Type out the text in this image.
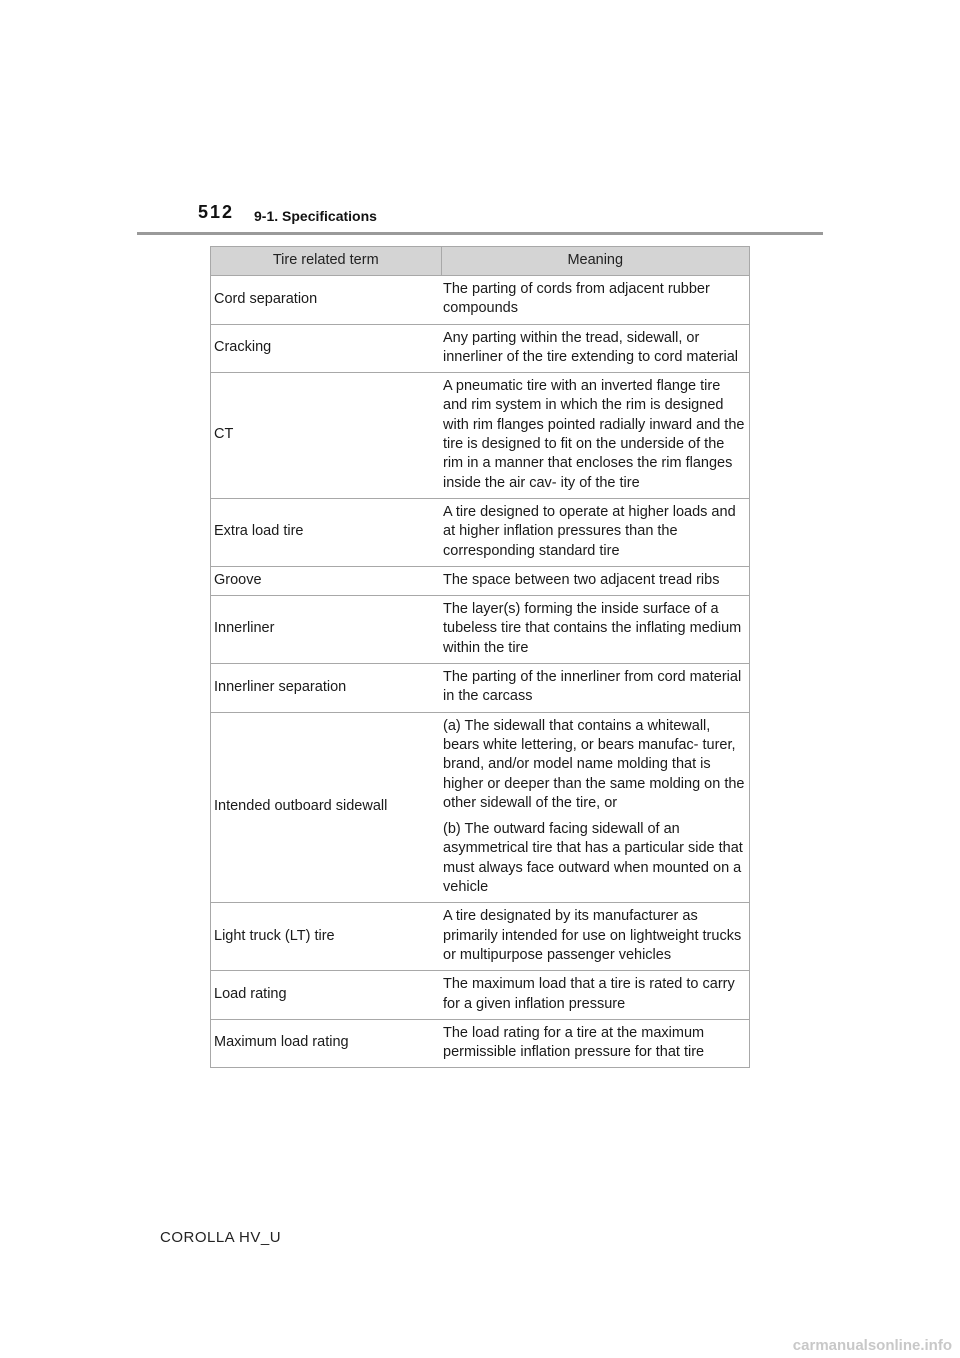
512 9-1. Specifications
Tire related term	Meaning
Cord separation	The parting of cords from adjacent rubber compounds

Cracking	Any parting within the tread, sidewall, or innerliner of the tire extending to cord material

CT	A pneumatic tire with an inverted flange tire and rim system in which the rim is designed with rim flanges pointed radially inward and the tire is designed to fit on the underside of the rim in a manner that encloses the rim flanges inside the air cav- ity of the tire

Extra load tire	A tire designed to operate at higher loads and at higher inflation pressures than the corresponding standard tire

Groove	The space between two adjacent tread ribs

Innerliner	The layer(s) forming the inside surface of a tubeless tire that contains the inflating medium within the tire

Innerliner separation	The parting of the innerliner from cord material in the carcass

Intended outboard sidewall	(a) The sidewall that contains a whitewall, bears white lettering, or bears manufac- turer, brand, and/or model name molding that is higher or deeper than the same molding on the other sidewall of the tire, or
(b) The outward facing sidewall of an asymmetrical tire that has a particular side that must always face outward when mounted on a vehicle

Light truck (LT) tire	A tire designated by its manufacturer as primarily intended for use on lightweight trucks or multipurpose passenger vehicles

Load rating	The maximum load that a tire is rated to carry for a given inflation pressure

Maximum load rating	The load rating for a tire at the maximum permissible inflation pressure for that tire
COROLLA HV_U
carmanualsonline.info
